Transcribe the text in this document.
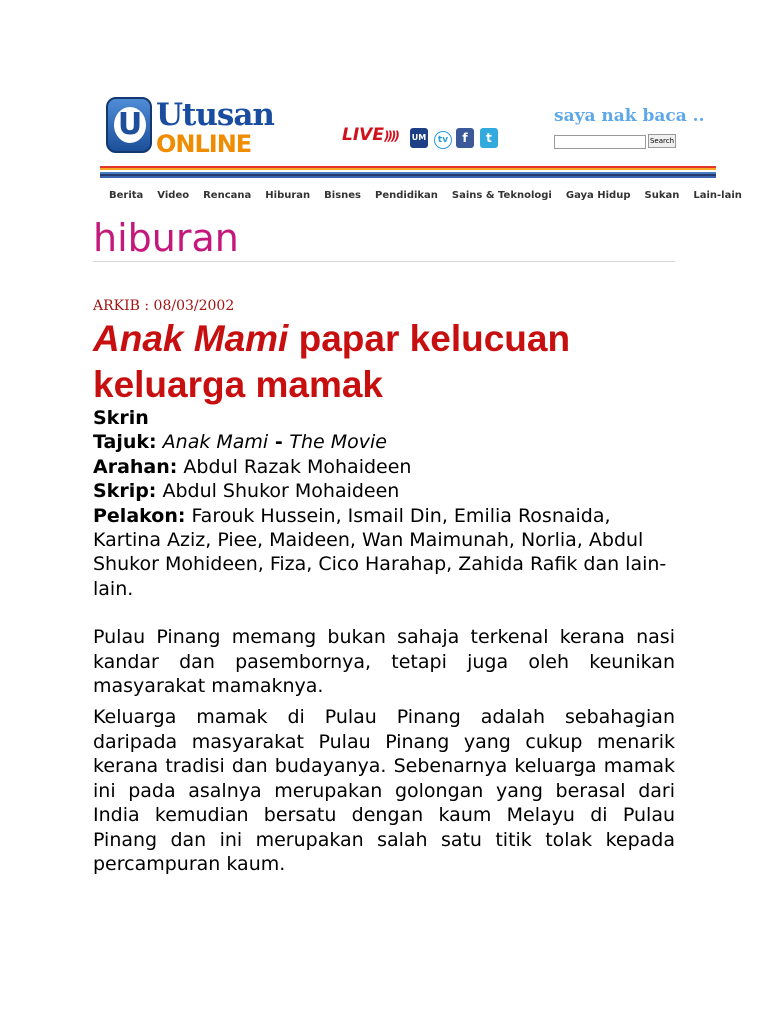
U Utusan
ONLINE	LIVE)))) UM	tv	f	t
saya nak baca ..
Search
Berita Video Rencana Hiburan Bisnes Pendidikan Sains & Teknologi Gaya Hidup Sukan Lain-lain
hiburan
ARKIB : 08/03/2002
Anak Mami papar kelucuan keluarga mamak
Skrin
Tajuk: Anak Mami - The Movie
Arahan: Abdul Razak Mohaideen
Skrip: Abdul Shukor Mohaideen
Pelakon: Farouk Hussein, Ismail Din, Emilia Rosnaida, Kartina Aziz, Piee, Maideen, Wan Maimunah, Norlia, Abdul Shukor Mohideen, Fiza, Cico Harahap, Zahida Rafik dan lain-lain.

Pulau Pinang memang bukan sahaja terkenal kerana nasi kandar dan pasembornya, tetapi juga oleh keunikan masyarakat mamaknya.

Keluarga mamak di Pulau Pinang adalah sebahagian daripada masyarakat Pulau Pinang yang cukup menarik kerana tradisi dan budayanya. Sebenarnya keluarga mamak ini pada asalnya merupakan golongan yang berasal dari India kemudian bersatu dengan kaum Melayu di Pulau Pinang dan ini merupakan salah satu titik tolak kepada percampuran kaum.
